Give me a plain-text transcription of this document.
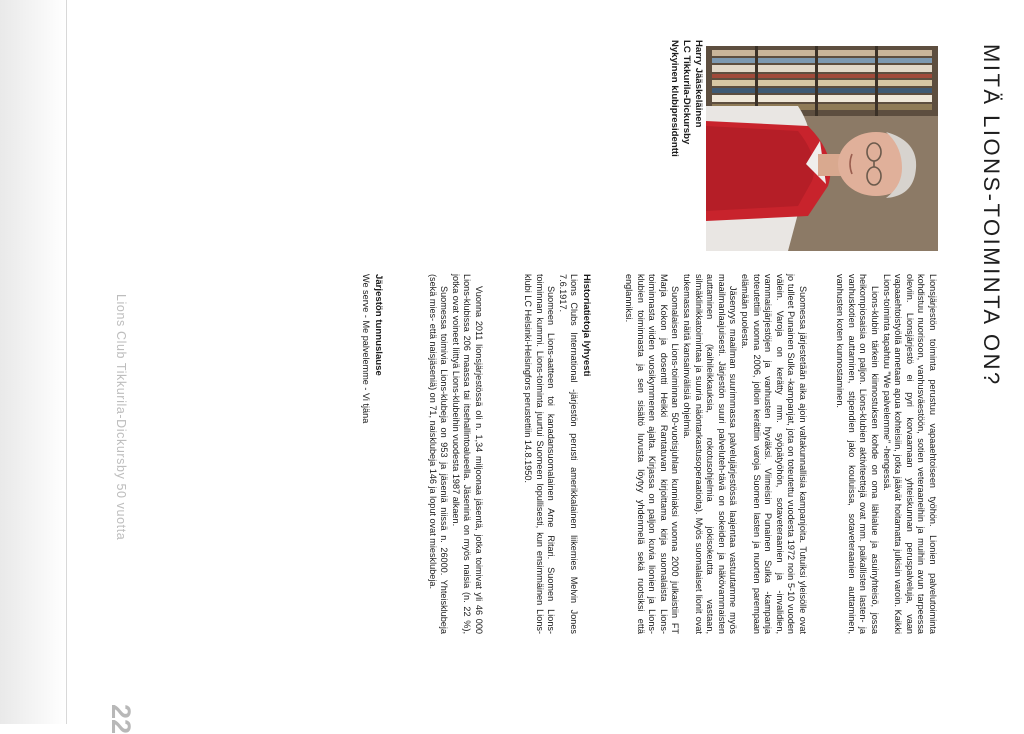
MITÄ LIONS-TOIMINTA ON?
Harry Jääskeläinen
LC Tikkurila-Dickursby
Nykyinen klubipresidentti

Lionsjärjestön toiminta perustuu vapaaehtoiseen työhön. Lionien palvelutoiminta kohdistuu nuorisoon, vanhusväestöön, sotien veteraaneihin ja muihin avun tarpeessa oleviin. Lionsjärjestö ei pyri korvaamaan yhteiskunnan peruspalveluja, vaan vapaaehtoistyöllä annetaan apua kohteisiin, jotka jäävät hoitamatta julkisin varoin. Kaikki Lions-toiminta tapahtuu "We palvelemme" -hengessä.

Lions-klubin tärkein kiinnostuksen kohde on oma lähialue ja asuinyhteisö, jossa heikompiosaisia on paljon. Lions-klubien aktiviteettejä ovat mm. paikallisten lasten- ja vanhuskotien auttaminen, stipendien jako kouluissa, sotaveteraanien auttaminen, vanhusten koten kunnostaminen.

Suomessa järjestetään aika ajoin valtakunnallisia kampanjoita. Tutuiksi yleisölle ovat jo tulleet Punainen Sulka -kampanjat, jota on toteutettu vuodesta 1972 noin 5-10 vuoden välein. Varoja on kerätty mm. syöpätyöhön, sotaveteraanien ja -invalidien, vammaisjärjestöjen ja vanhusten hyväksi. Viimeisin Punainen Sulka -kampanja toteutettiin vuonna 2006, jolloin kerättiin varoja Suomen lasten ja nuorten parempaan elämään puolesta.

Jäsenyys maailman suurimmassa palvelujärjestössä laajentaa vastuutamme myös maailmanlaajuisesti. Järjestön suuri palveluteh-tävä on sokeiden ja näkövammaisten auttaminen (kaihileikkauksia, rokotusohjelmia jokisokeutta vastaan, silmäklinikkatoimintaa ja suuria näöntarkastusoperaatioita). Myös suomalaiset lionit ovat tukemassa näitä kansainvälisiä ohjelmia.

Suomalaisen Lions-toiminnan 50-vuotisjuhlan kunniaksi vuonna 2000 julkaistiin FT Marja Kokon ja dosentti Heikki Rantatuvan kirjoittama kirja suomalaista Lions-toiminnasta viiden vuosikymmenen ajalta. Kirjassa on paljon kuvia lionien ja Lions-klubien toiminnasta ja sen sisältö luvusta löytyy yhdenmelä sekä ruotsiksi että englanniksi.

Historiatietoja lyhyesti

Lions Clubs International -järjestön perusti amerikkalainen liikemies Melvin Jones 7.6.1917.

Suomeen Lions-aatteen toi kanadansuomalainen Arne Ritari. Suomen Lions-toiminnan kummi. Lions-toiminta juurtui Suomeen lopullisesti, kun ensimmäinen Lions-klubi LC Helsinki-Helsingfors perustettiin 14.8.1950.

Vuonna 2011 lionsjärjestössä oli n. 1,34 miljoonaa jäsentä, jotka toimivat yli 46 000 Lions-klubissa 206 maassa tai itsehallintoalueella. Jäseninä on myös naisia (n. 22 %), jotka ovat voineet liittyä Lions-klubeihin vuodesta 1987 alkaen.

Suomessa toimivia Lions-klubeja on 953 ja jäseniä niissä n. 26000. Yhteisklubeja (sekä mies- että naisjäseniä) on 71, naisklubeja 146 ja loput ovat miesklubeja.

Järjestön tunnuslause

We serve - Me palvelemme - Vi tjäna

Lions Club Tikkurila-Dickursby 50 vuotta
22
